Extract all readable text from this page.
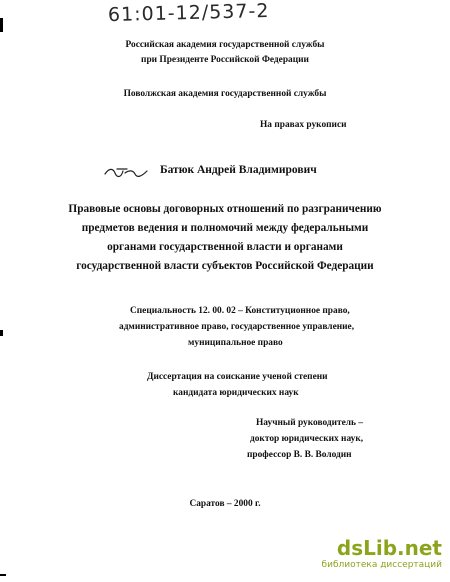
61:01-12/537-2
Российская академия государственной службы
при Президенте Российской Федерации
Поволжская академия государственной службы
На правах рукописи
Батюк Андрей Владимирович
Правовые основы договорных отношений по разграничению
предметов ведения и полномочий между федеральными
органами государственной власти и органами
государственной власти субъектов Российской Федерации
Специальность 12. 00. 02 – Конституционное право,
административное право, государственное управление,
муниципальное право
Диссертация на соискание ученой степени
кандидата юридических наук
Научный руководитель –
доктор юридических наук,
профессор В. В. Володин
Саратов – 2000 г.
dsLib.net
библиотека диссертаций
